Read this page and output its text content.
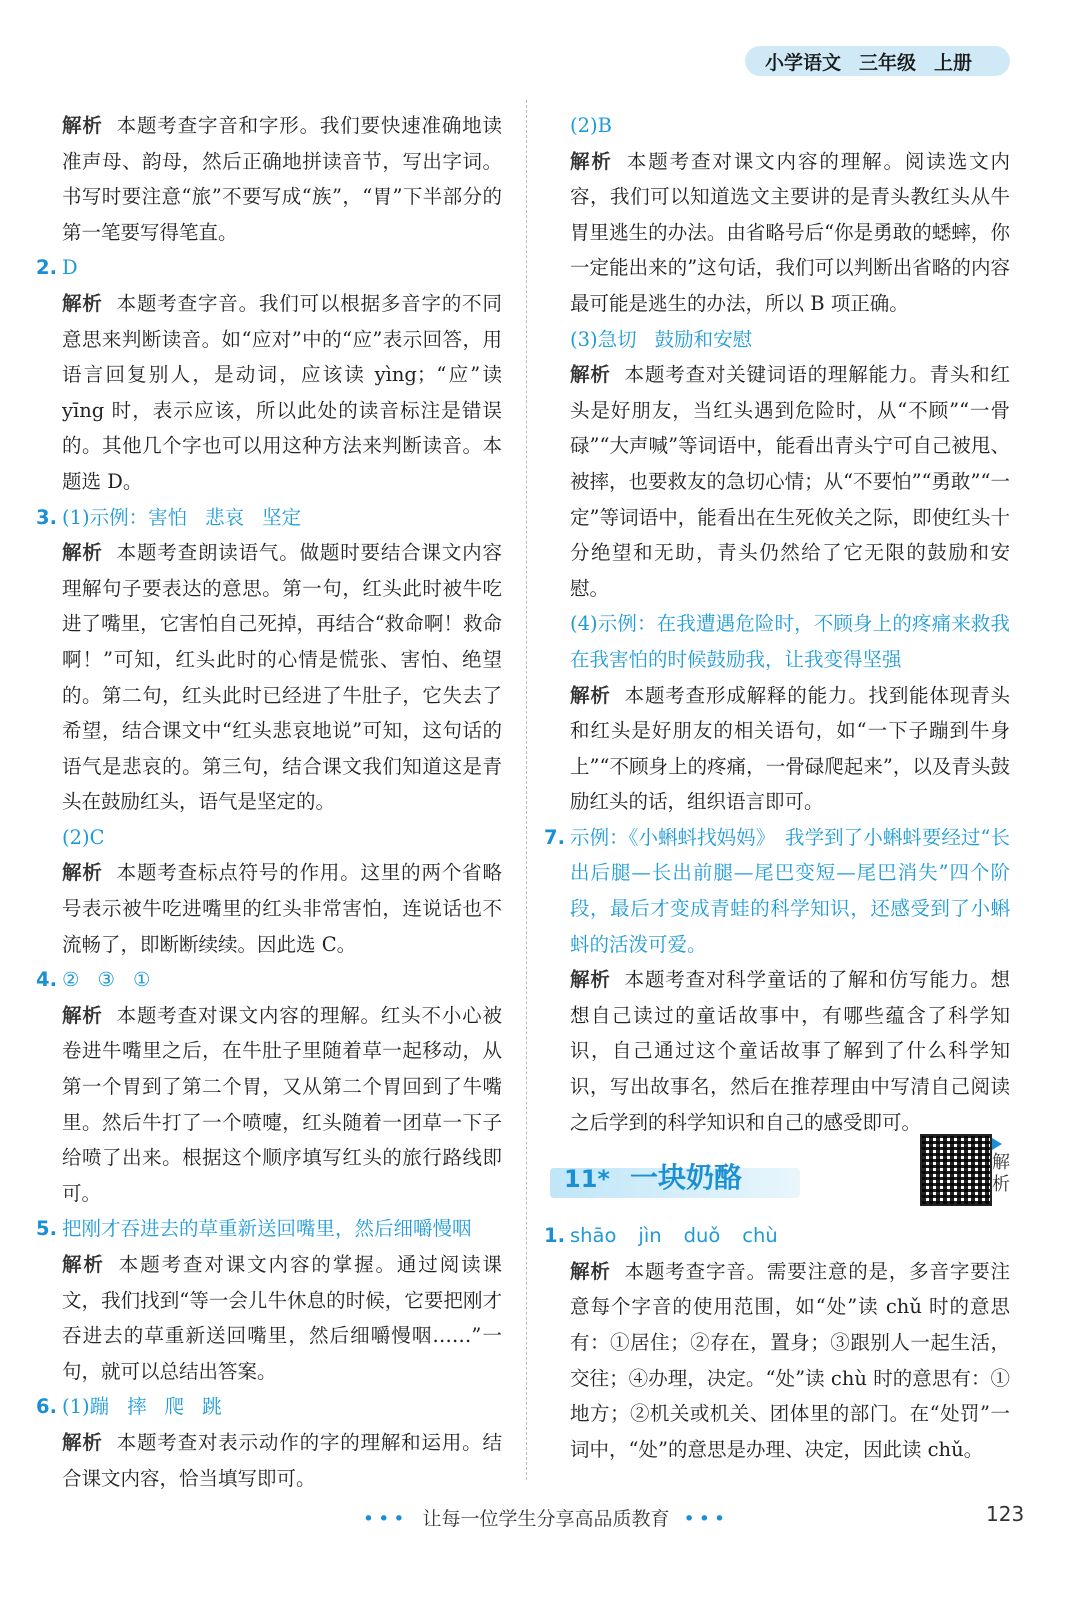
小学语文 三年级 上册
解析 本题考查字音和字形。我们要快速准确地读准声母、韵母，然后正确地拼读音节，写出字词。书写时要注意“旅”不要写成“族”，“胃”下半部分的第一笔要写得笔直。
2. D
解析 本题考查字音。我们可以根据多音字的不同意思来判断读音。如“应对”中的“应”表示回答，用语言回复别人，是动词，应该读 yìng；“应”读 yīng 时，表示应该，所以此处的读音标注是错误的。其他几个字也可以用这种方法来判断读音。本题选 D。
3. (1)示例：害怕 悲哀 坚定
解析 本题考查朗读语气。做题时要结合课文内容理解句子要表达的意思。第一句，红头此时被牛吃进了嘴里，它害怕自己死掉，再结合“救命啊！救命啊！”可知，红头此时的心情是慌张、害怕、绝望的。第二句，红头此时已经进了牛肚子，它失去了希望，结合课文中“红头悲哀地说”可知，这句话的语气是悲哀的。第三句，结合课文我们知道这是青头在鼓励红头，语气是坚定的。
(2)C
解析 本题考查标点符号的作用。这里的两个省略号表示被牛吃进嘴里的红头非常害怕，连说话也不流畅了，即断断续续。因此选 C。
4. ② ③ ①
解析 本题考查对课文内容的理解。红头不小心被卷进牛嘴里之后，在牛肚子里随着草一起移动，从第一个胃到了第二个胃，又从第二个胃回到了牛嘴里。然后牛打了一个喷嚏，红头随着一团草一下子给喷了出来。根据这个顺序填写红头的旅行路线即可。
5. 把刚才吞进去的草重新送回嘴里，然后细嚼慢咽
解析 本题考查对课文内容的掌握。通过阅读课文，我们找到“等一会儿牛休息的时候，它要把刚才吞进去的草重新送回嘴里，然后细嚼慢咽……”一句，就可以总结出答案。
6. (1)蹦 摔 爬 跳
解析 本题考查对表示动作的字的理解和运用。结合课文内容，恰当填写即可。
(2)B
解析 本题考查对课文内容的理解。阅读选文内容，我们可以知道选文主要讲的是青头教红头从牛胃里逃生的办法。由省略号后“你是勇敢的蟋蟀，你一定能出来的”这句话，我们可以判断出省略的内容最可能是逃生的办法，所以 B 项正确。
(3)急切 鼓励和安慰
解析 本题考查对关键词语的理解能力。青头和红头是好朋友，当红头遇到危险时，从“不顾”“一骨碌”“大声喊”等词语中，能看出青头宁可自己被甩、被摔，也要救友的急切心情；从“不要怕”“勇敢”“一定”等词语中，能看出在生死攸关之际，即使红头十分绝望和无助，青头仍然给了它无限的鼓励和安慰。
(4)示例：在我遭遇危险时，不顾身上的疼痛来救我　在我害怕的时候鼓励我，让我变得坚强
解析 本题考查形成解释的能力。找到能体现青头和红头是好朋友的相关语句，如“一下子蹦到牛身上”“不顾身上的疼痛，一骨碌爬起来”，以及青头鼓励红头的话，组织语言即可。
7. 示例：《小蝌蚪找妈妈》　我学到了小蝌蚪要经过“长出后腿—长出前腿—尾巴变短—尾巴消失”四个阶段，最后才变成青蛙的科学知识，还感受到了小蝌蚪的活泼可爱。
解析 本题考查对科学童话的了解和仿写能力。想想自己读过的童话故事中，有哪些蕴含了科学知识，自己通过这个童话故事了解到了什么科学知识，写出故事名，然后在推荐理由中写清自己阅读之后学到的科学知识和自己的感受即可。
11* 一块奶酪	解析
1. shāo jìn duǒ chù
解析 本题考查字音。需要注意的是，多音字要注意每个字音的使用范围，如“处”读 chǔ 时的意思有：①居住；②存在，置身；③跟别人一起生活，交往；④办理，决定。“处”读 chù 时的意思有：①地方；②机关或机关、团体里的部门。在“处罚”一词中，“处”的意思是办理、决定，因此读 chǔ。
••• 让每一位学生分享高品质教育 •••	123
